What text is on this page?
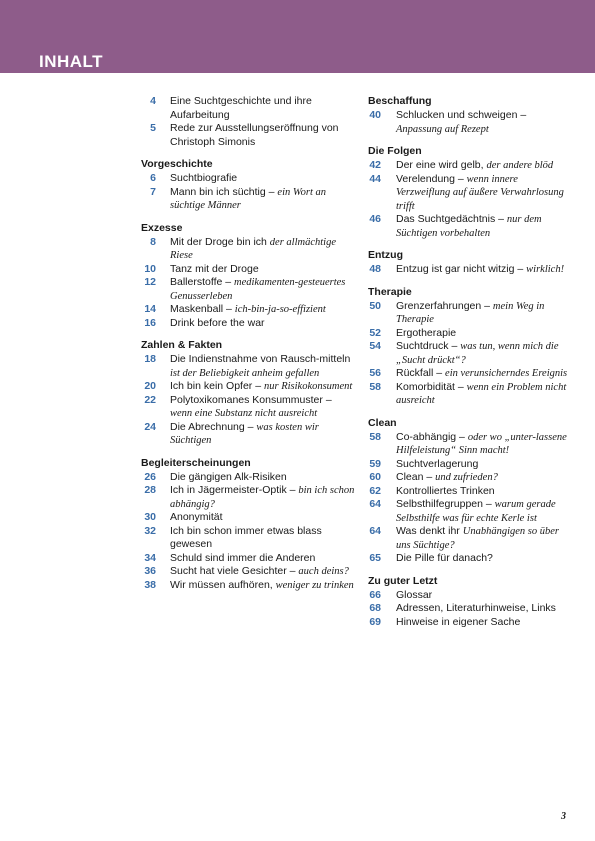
INHALT
4	Eine Suchtgeschichte und ihre Aufarbeitung
5	Rede zur Ausstellungseröffnung von Christoph Simonis
Vorgeschichte
6	Suchtbiografie
7	Mann bin ich süchtig – ein Wort an süchtige Männer
Exzesse
8	Mit der Droge bin ich der allmächtige Riese
10	Tanz mit der Droge
12	Ballerstoffe – medikamenten-gesteuertes Genusserleben
14	Maskenball – ich-bin-ja-so-effizient
16	Drink before the war
Zahlen & Fakten
18	Die Indienstnahme von Rausch-mitteln ist der Beliebigkeit anheim gefallen
20	Ich bin kein Opfer – nur Risikokonsument
22	Polytoxikomanes Konsummuster – wenn eine Substanz nicht ausreicht
24	Die Abrechnung – was kosten wir Süchtigen
Begleiterscheinungen
26	Die gängigen Alk-Risiken
28	Ich in Jägermeister-Optik – bin ich schon abhängig?
30	Anonymität
32	Ich bin schon immer etwas blass gewesen
34	Schuld sind immer die Anderen
36	Sucht hat viele Gesichter – auch deins?
38	Wir müssen aufhören, weniger zu trinken
Beschaffung
40	Schlucken und schweigen – Anpassung auf Rezept
Die Folgen
42	Der eine wird gelb, der andere blöd
44	Verelendung – wenn innere Verzweiflung auf äußere Verwahrlosung trifft
46	Das Suchtgedächtnis – nur dem Süchtigen vorbehalten
Entzug
48	Entzug ist gar nicht witzig – wirklich!
Therapie
50	Grenzerfahrungen – mein Weg in Therapie
52	Ergotherapie
54	Suchtdruck – was tun, wenn mich die „Sucht drückt“?
56	Rückfall – ein verunsicherndes Ereignis
58	Komorbidität – wenn ein Problem nicht ausreicht
Clean
58	Co-abhängig – oder wo „unter-lassene Hilfeleistung“ Sinn macht!
59	Suchtverlagerung
60	Clean – und zufrieden?
62	Kontrolliertes Trinken
64	Selbsthilfegruppen – warum gerade Selbsthilfe was für echte Kerle ist
64	Was denkt ihr Unabhängigen so über uns Süchtige?
65	Die Pille für danach?
Zu guter Letzt
66	Glossar
68	Adressen, Literaturhinweise, Links
69	Hinweise in eigener Sache
3
